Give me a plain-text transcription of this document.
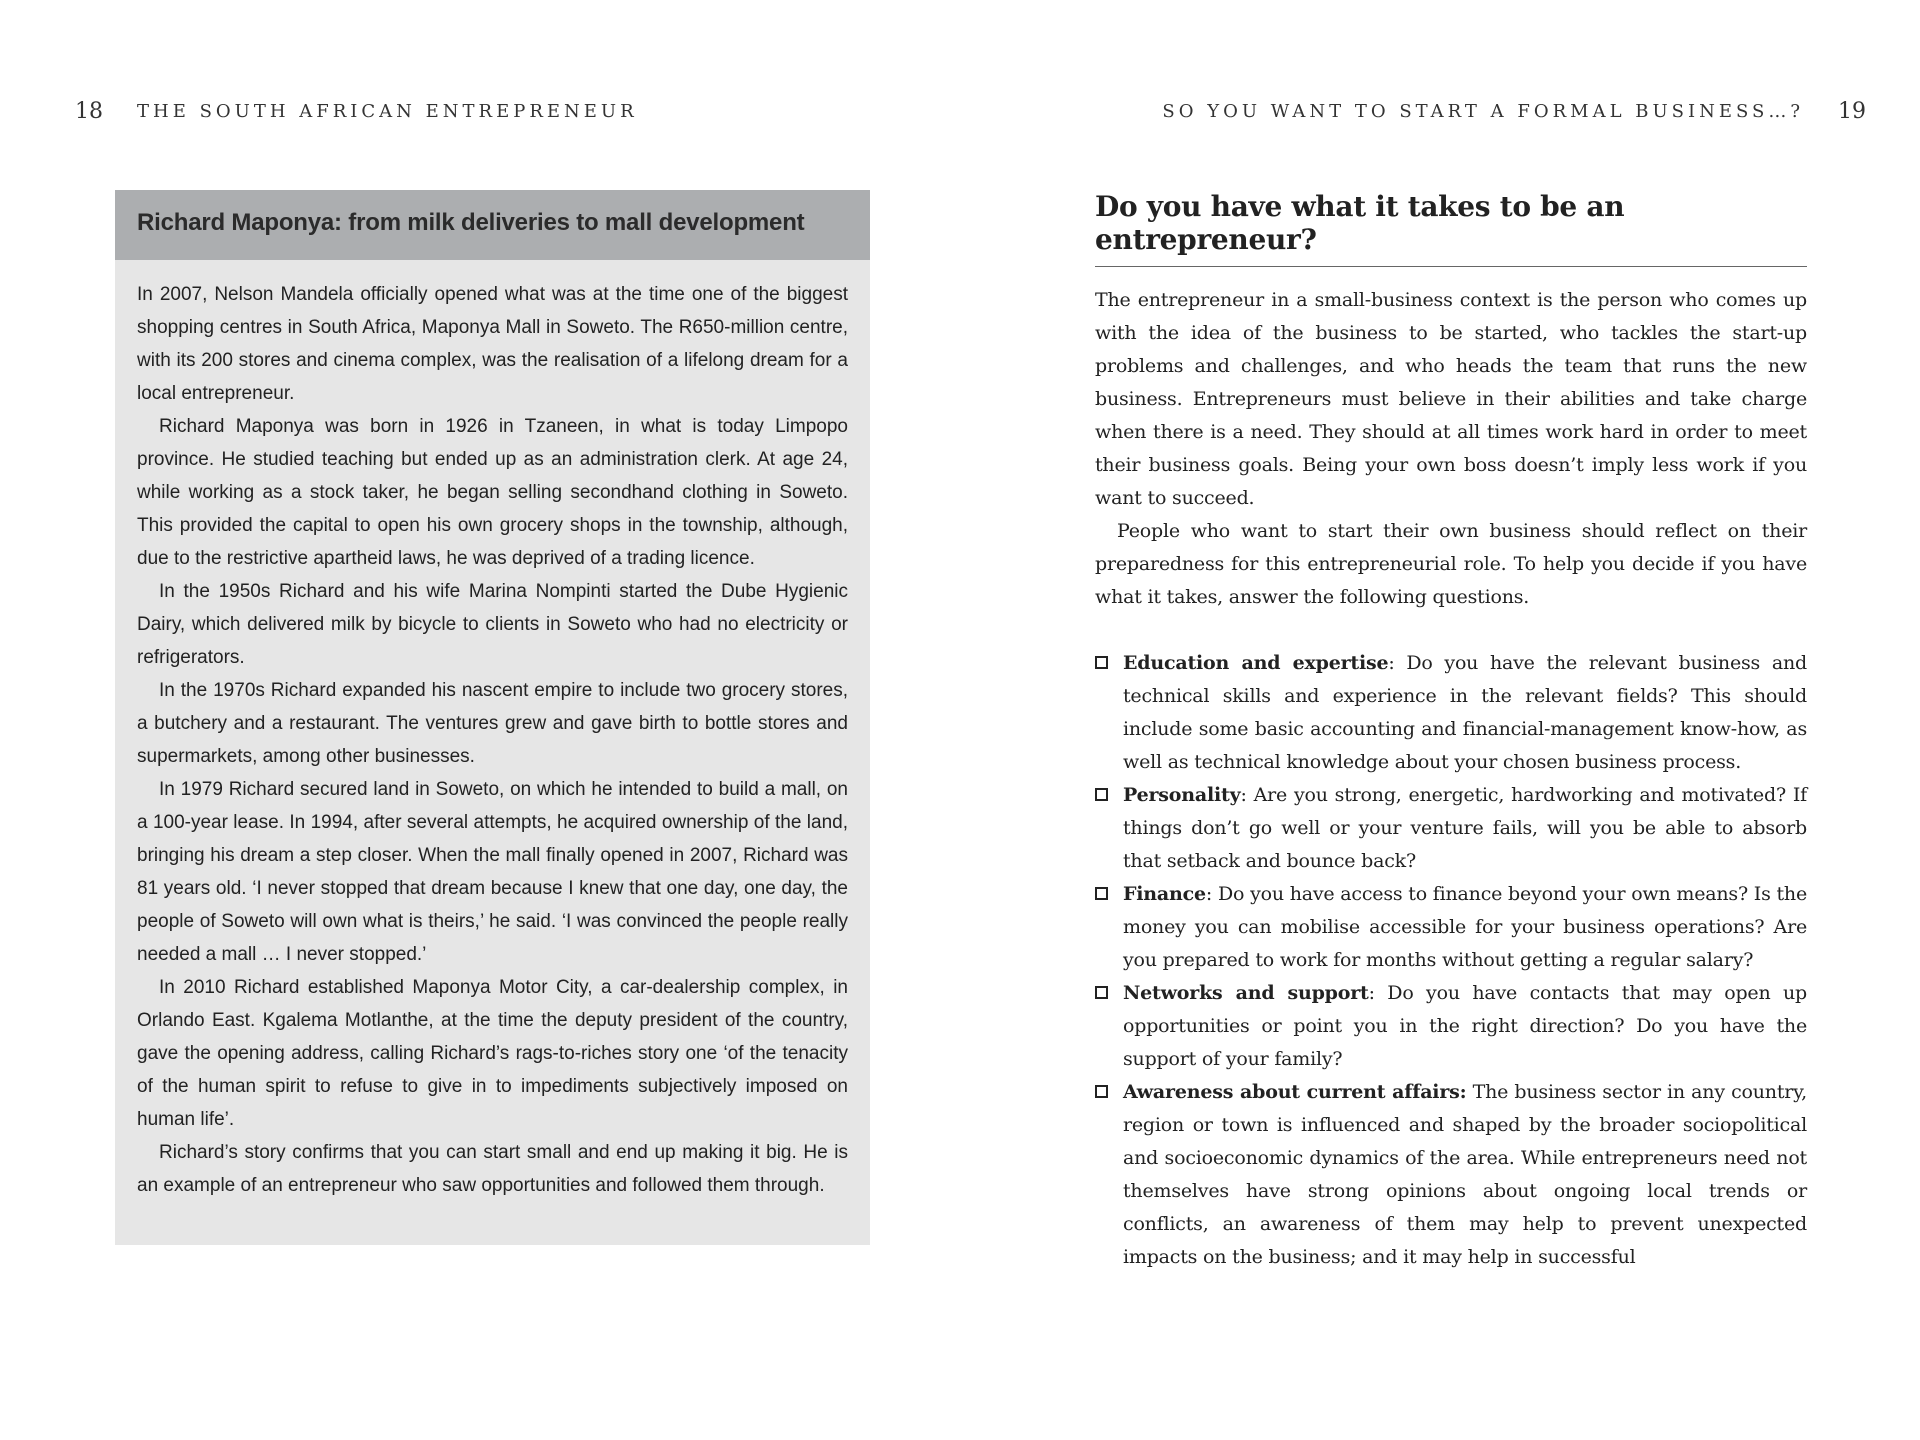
18 THE SOUTH AFRICAN ENTREPRENEUR	SO YOU WANT TO START A FORMAL BUSINESS…? 19
Richard Maponya: from milk deliveries to mall development

In 2007, Nelson Mandela officially opened what was at the time one of the biggest shopping centres in South Africa, Maponya Mall in Soweto. The R650-million centre, with its 200 stores and cinema complex, was the realisation of a lifelong dream for a local entrepreneur.

Richard Maponya was born in 1926 in Tzaneen, in what is today Limpopo province. He studied teaching but ended up as an administration clerk. At age 24, while working as a stock taker, he began selling secondhand clothing in Soweto. This provided the capital to open his own grocery shops in the township, although, due to the restrictive apartheid laws, he was deprived of a trading licence.

In the 1950s Richard and his wife Marina Nompinti started the Dube Hygienic Dairy, which delivered milk by bicycle to clients in Soweto who had no electricity or refrigerators.

In the 1970s Richard expanded his nascent empire to include two grocery stores, a butchery and a restaurant. The ventures grew and gave birth to bottle stores and supermarkets, among other businesses.

In 1979 Richard secured land in Soweto, on which he intended to build a mall, on a 100-year lease. In 1994, after several attempts, he acquired ownership of the land, bringing his dream a step closer. When the mall finally opened in 2007, Richard was 81 years old. ‘I never stopped that dream because I knew that one day, one day, the people of Soweto will own what is theirs,’ he said. ‘I was convinced the people really needed a mall … I never stopped.’

In 2010 Richard established Maponya Motor City, a car-dealership complex, in Orlando East. Kgalema Motlanthe, at the time the deputy president of the country, gave the opening address, calling Richard’s rags-to-riches story one ‘of the tenacity of the human spirit to refuse to give in to impediments subjectively imposed on human life’.

Richard’s story confirms that you can start small and end up making it big. He is an example of an entrepreneur who saw opportunities and followed them through.

Do you have what it takes to be an entrepreneur?

The entrepreneur in a small-business context is the person who comes up with the idea of the business to be started, who tackles the start-up problems and challenges, and who heads the team that runs the new business. Entrepreneurs must believe in their abilities and take charge when there is a need. They should at all times work hard in order to meet their business goals. Being your own boss doesn’t imply less work if you want to succeed.

People who want to start their own business should reflect on their preparedness for this entrepreneurial role. To help you decide if you have what it takes, answer the following questions.

Education and expertise: Do you have the relevant business and technical skills and experience in the relevant fields? This should include some basic accounting and financial-management know-how, as well as technical knowledge about your chosen business process.
Personality: Are you strong, energetic, hardworking and motivated? If things don’t go well or your venture fails, will you be able to absorb that setback and bounce back?
Finance: Do you have access to finance beyond your own means? Is the money you can mobilise accessible for your business operations? Are you prepared to work for months without getting a regular salary?
Networks and support: Do you have contacts that may open up opportunities or point you in the right direction? Do you have the support of your family?
Awareness about current affairs: The business sector in any country, region or town is influenced and shaped by the broader sociopolitical and socioeconomic dynamics of the area. While entrepreneurs need not themselves have strong opinions about ongoing local trends or conflicts, an awareness of them may help to prevent unexpected impacts on the business; and it may help in successful
